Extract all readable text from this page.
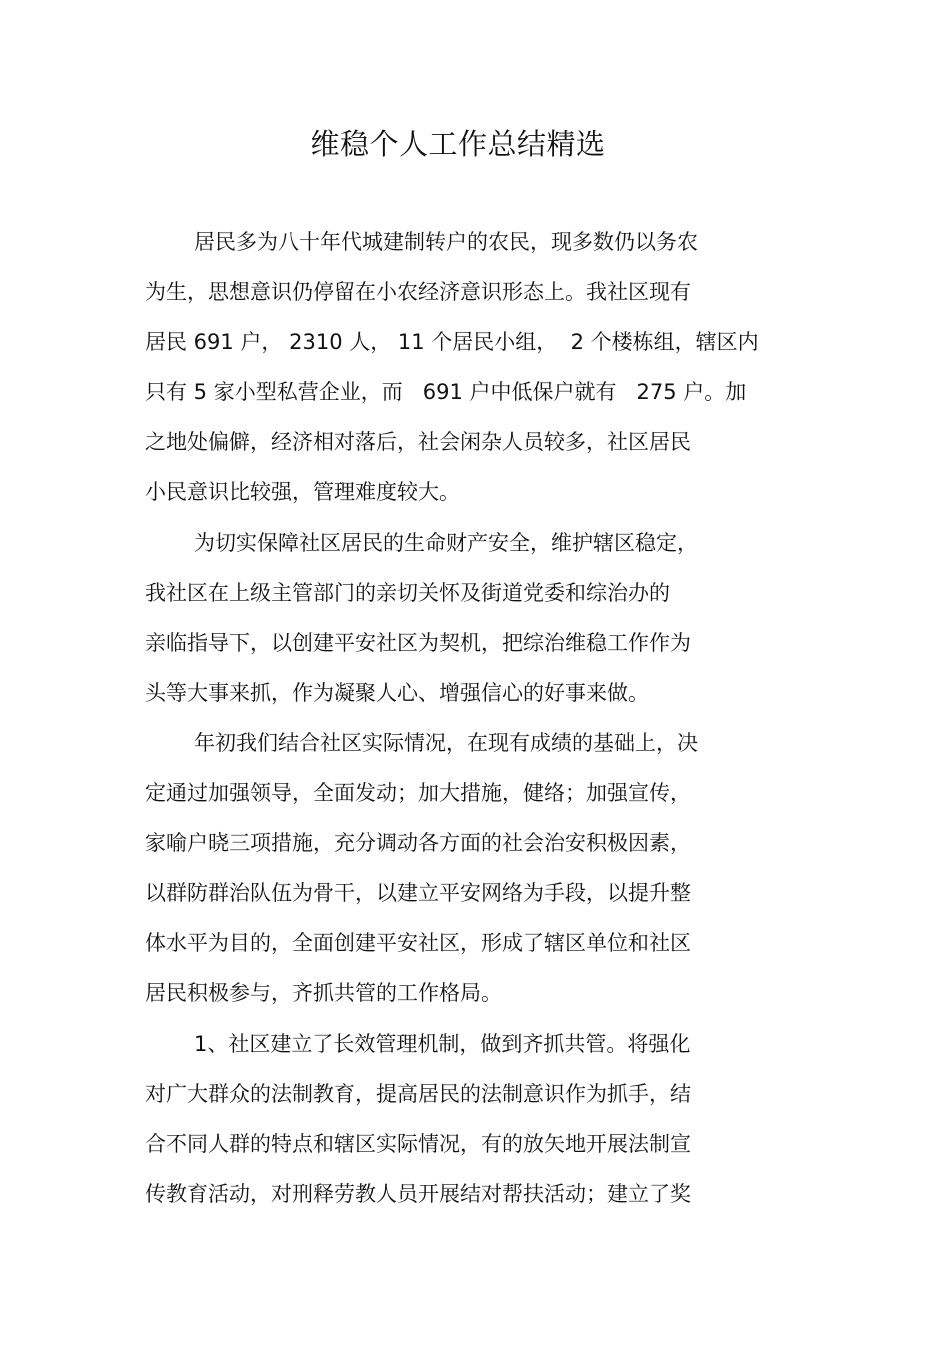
维稳个人工作总结精选
居民多为八十年代城建制转户的农民，现多数仍以务农
为生，思想意识仍停留在小农经济意识形态上。我社区现有
居民 691 户， 2310 人， 11 个居民小组，  2 个楼栋组，辖区内
只有 5 家小型私营企业，而   691 户中低保户就有   275 户。加
之地处偏僻，经济相对落后，社会闲杂人员较多，社区居民
小民意识比较强，管理难度较大。
为切实保障社区居民的生命财产安全，维护辖区稳定，
我社区在上级主管部门的亲切关怀及街道党委和综治办的
亲临指导下，以创建平安社区为契机，把综治维稳工作作为
头等大事来抓，作为凝聚人心、增强信心的好事来做。
年初我们结合社区实际情况，在现有成绩的基础上，决
定通过加强领导，全面发动；加大措施，健络；加强宣传，
家喻户晓三项措施，充分调动各方面的社会治安积极因素，
以群防群治队伍为骨干，以建立平安网络为手段，以提升整
体水平为目的，全面创建平安社区，形成了辖区单位和社区
居民积极参与，齐抓共管的工作格局。
1、社区建立了长效管理机制，做到齐抓共管。将强化
对广大群众的法制教育，提高居民的法制意识作为抓手，结
合不同人群的特点和辖区实际情况，有的放矢地开展法制宣
传教育活动，对刑释劳教人员开展结对帮扶活动；建立了奖
